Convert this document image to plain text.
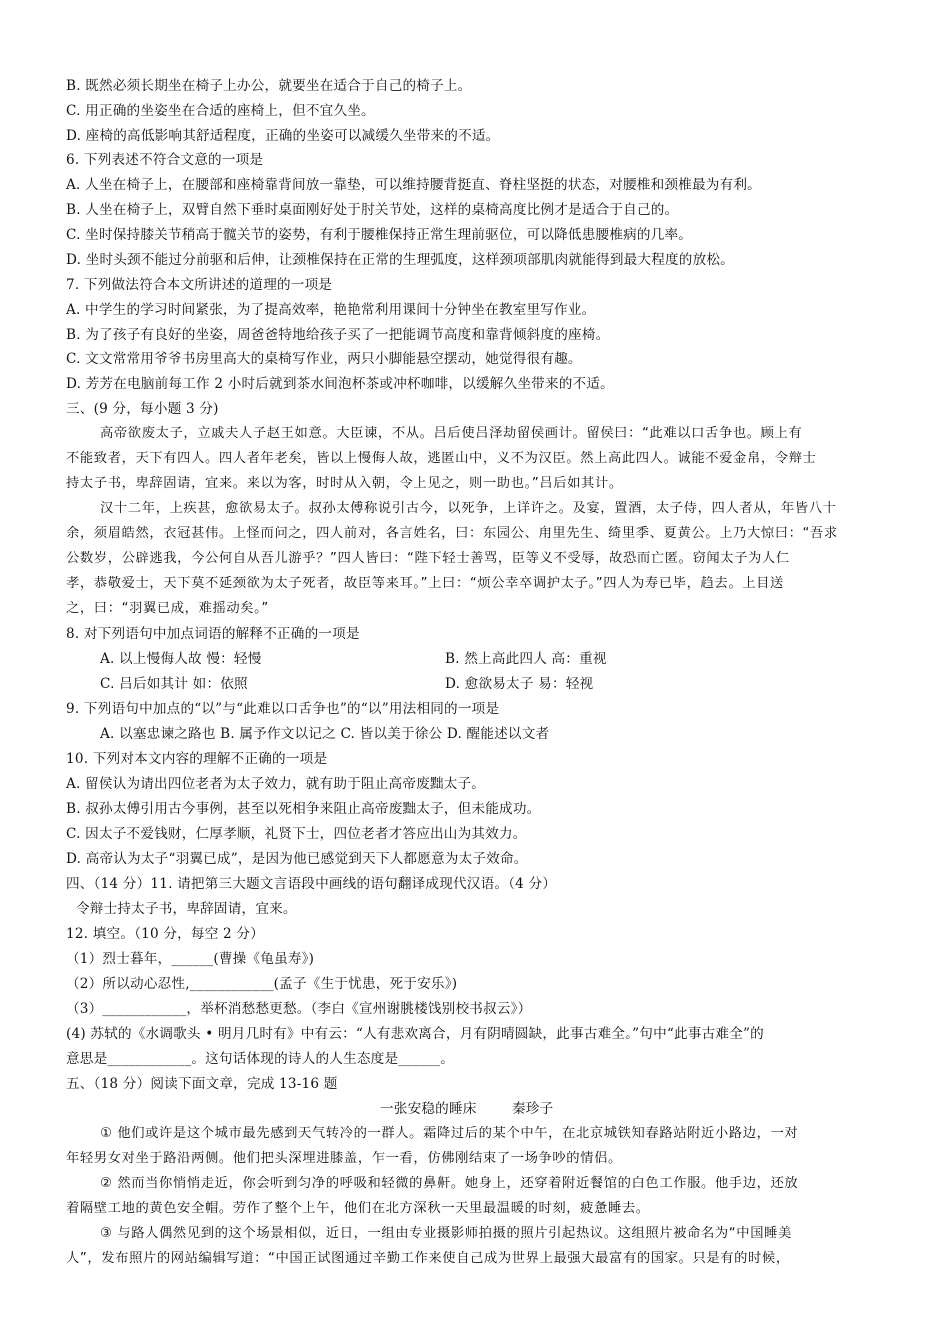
B. 既然必须长期坐在椅子上办公，就要坐在适合于自己的椅子上。
C. 用正确的坐姿坐在合适的座椅上，但不宜久坐。
D. 座椅的高低影响其舒适程度，正确的坐姿可以减缓久坐带来的不适。
6. 下列表述不符合文意的一项是
A. 人坐在椅子上，在腰部和座椅靠背间放一靠垫，可以维持腰背挺直、脊柱坚挺的状态，对腰椎和颈椎最为有利。
B. 人坐在椅子上，双臂自然下垂时桌面刚好处于肘关节处，这样的桌椅高度比例才是适合于自己的。
C. 坐时保持膝关节稍高于髋关节的姿势，有利于腰椎保持正常生理前驱位，可以降低患腰椎病的几率。
D. 坐时头颈不能过分前驱和后伸，让颈椎保持在正常的生理弧度，这样颈项部肌肉就能得到最大程度的放松。
7. 下列做法符合本文所讲述的道理的一项是
A. 中学生的学习时间紧张，为了提高效率，艳艳常利用课间十分钟坐在教室里写作业。
B. 为了孩子有良好的坐姿，周爸爸特地给孩子买了一把能调节高度和靠背倾斜度的座椅。
C. 文文常常用爷爷书房里高大的桌椅写作业，两只小脚能悬空摆动，她觉得很有趣。
D. 芳芳在电脑前每工作 2 小时后就到茶水间泡杯茶或冲杯咖啡，以缓解久坐带来的不适。
三、(9 分，每小题 3 分)
高帝欲废太子，立戚夫人子赵王如意。大臣谏，不从。吕后使吕泽劫留侯画计。留侯曰：“此难以口舌争也。顾上有
不能致者，天下有四人。四人者年老矣，皆以上慢侮人故，逃匿山中，义不为汉臣。然上高此四人。诚能不爱金帛，令辩士
持太子书，卑辞固请，宜来。来以为客，时时从入朝，令上见之，则一助也。”吕后如其计。
汉十二年，上疾甚，愈欲易太子。叔孙太傅称说引古今，以死争，上详许之。及宴，置酒，太子侍，四人者从，年皆八十
余，须眉皓然，衣冠甚伟。上怪而问之，四人前对，各言姓名，曰：东园公、甪里先生、绮里季、夏黄公。上乃大惊曰：“吾求
公数岁，公辟逃我，今公何自从吾儿游乎？”四人皆曰：“陛下轻士善骂，臣等义不受辱，故恐而亡匿。窃闻太子为人仁
孝，恭敬爱士，天下莫不延颈欲为太子死者，故臣等来耳。”上曰：“烦公幸卒调护太子。”四人为寿已毕，趋去。上目送
之，曰：“羽翼已成，难摇动矣。”
8. 对下列语句中加点词语的解释不正确的一项是
A. 以上慢侮人故 慢：轻慢	B. 然上高此四人 高：重视
C. 吕后如其计 如：依照	D. 愈欲易太子 易：轻视
9. 下列语句中加点的“以”与“此难以口舌争也”的“以”用法相同的一项是
A. 以塞忠谏之路也 B. 属予作文以记之 C. 皆以美于徐公 D. 醒能述以文者
10. 下列对本文内容的理解不正确的一项是
A. 留侯认为请出四位老者为太子效力，就有助于阻止高帝废黜太子。
B. 叔孙太傅引用古今事例，甚至以死相争来阻止高帝废黜太子，但未能成功。
C. 因太子不爱钱财，仁厚孝顺，礼贤下士，四位老者才答应出山为其效力。
D. 高帝认为太子“羽翼已成”，是因为他已感觉到天下人都愿意为太子效命。
四、（14 分）11. 请把第三大题文言语段中画线的语句翻译成现代汉语。（4 分）
令辩士持太子书，卑辞固请，宜来。
12. 填空。（10 分，每空 2 分）
（1）烈士暮年，______(曹操《龟虽寿》)
（2）所以动心忍性,____________(孟子《生于忧患，死于安乐》)
（3）____________，举杯消愁愁更愁。（李白《宣州谢朓楼饯别校书叔云》）
(4) 苏轼的《水调歌头 • 明月几时有》中有云：“人有悲欢离合，月有阴晴圆缺，此事古难全。”句中“此事古难全”的
意思是____________。这句话体现的诗人的人生态度是______。
五、（18 分）阅读下面文章，完成 13-16 题
一张安稳的睡床	秦珍子
① 他们或许是这个城市最先感到天气转冷的一群人。霜降过后的某个中午，在北京城铁知春路站附近小路边，一对
年轻男女对坐于路沿两侧。他们把头深埋进膝盖，乍一看，仿佛刚结束了一场争吵的情侣。
② 然而当你悄悄走近，你会听到匀净的呼吸和轻微的鼻鼾。她身上，还穿着附近餐馆的白色工作服。他手边，还放
着隔壁工地的黄色安全帽。劳作了整个上午，他们在北方深秋一天里最温暖的时刻，疲惫睡去。
③ 与路人偶然见到的这个场景相似，近日，一组由专业摄影师拍摄的照片引起热议。这组照片被命名为“中国睡美
人”，发布照片的网站编辑写道：“中国正试图通过辛勤工作来使自己成为世界上最强大最富有的国家。只是有的时候，
